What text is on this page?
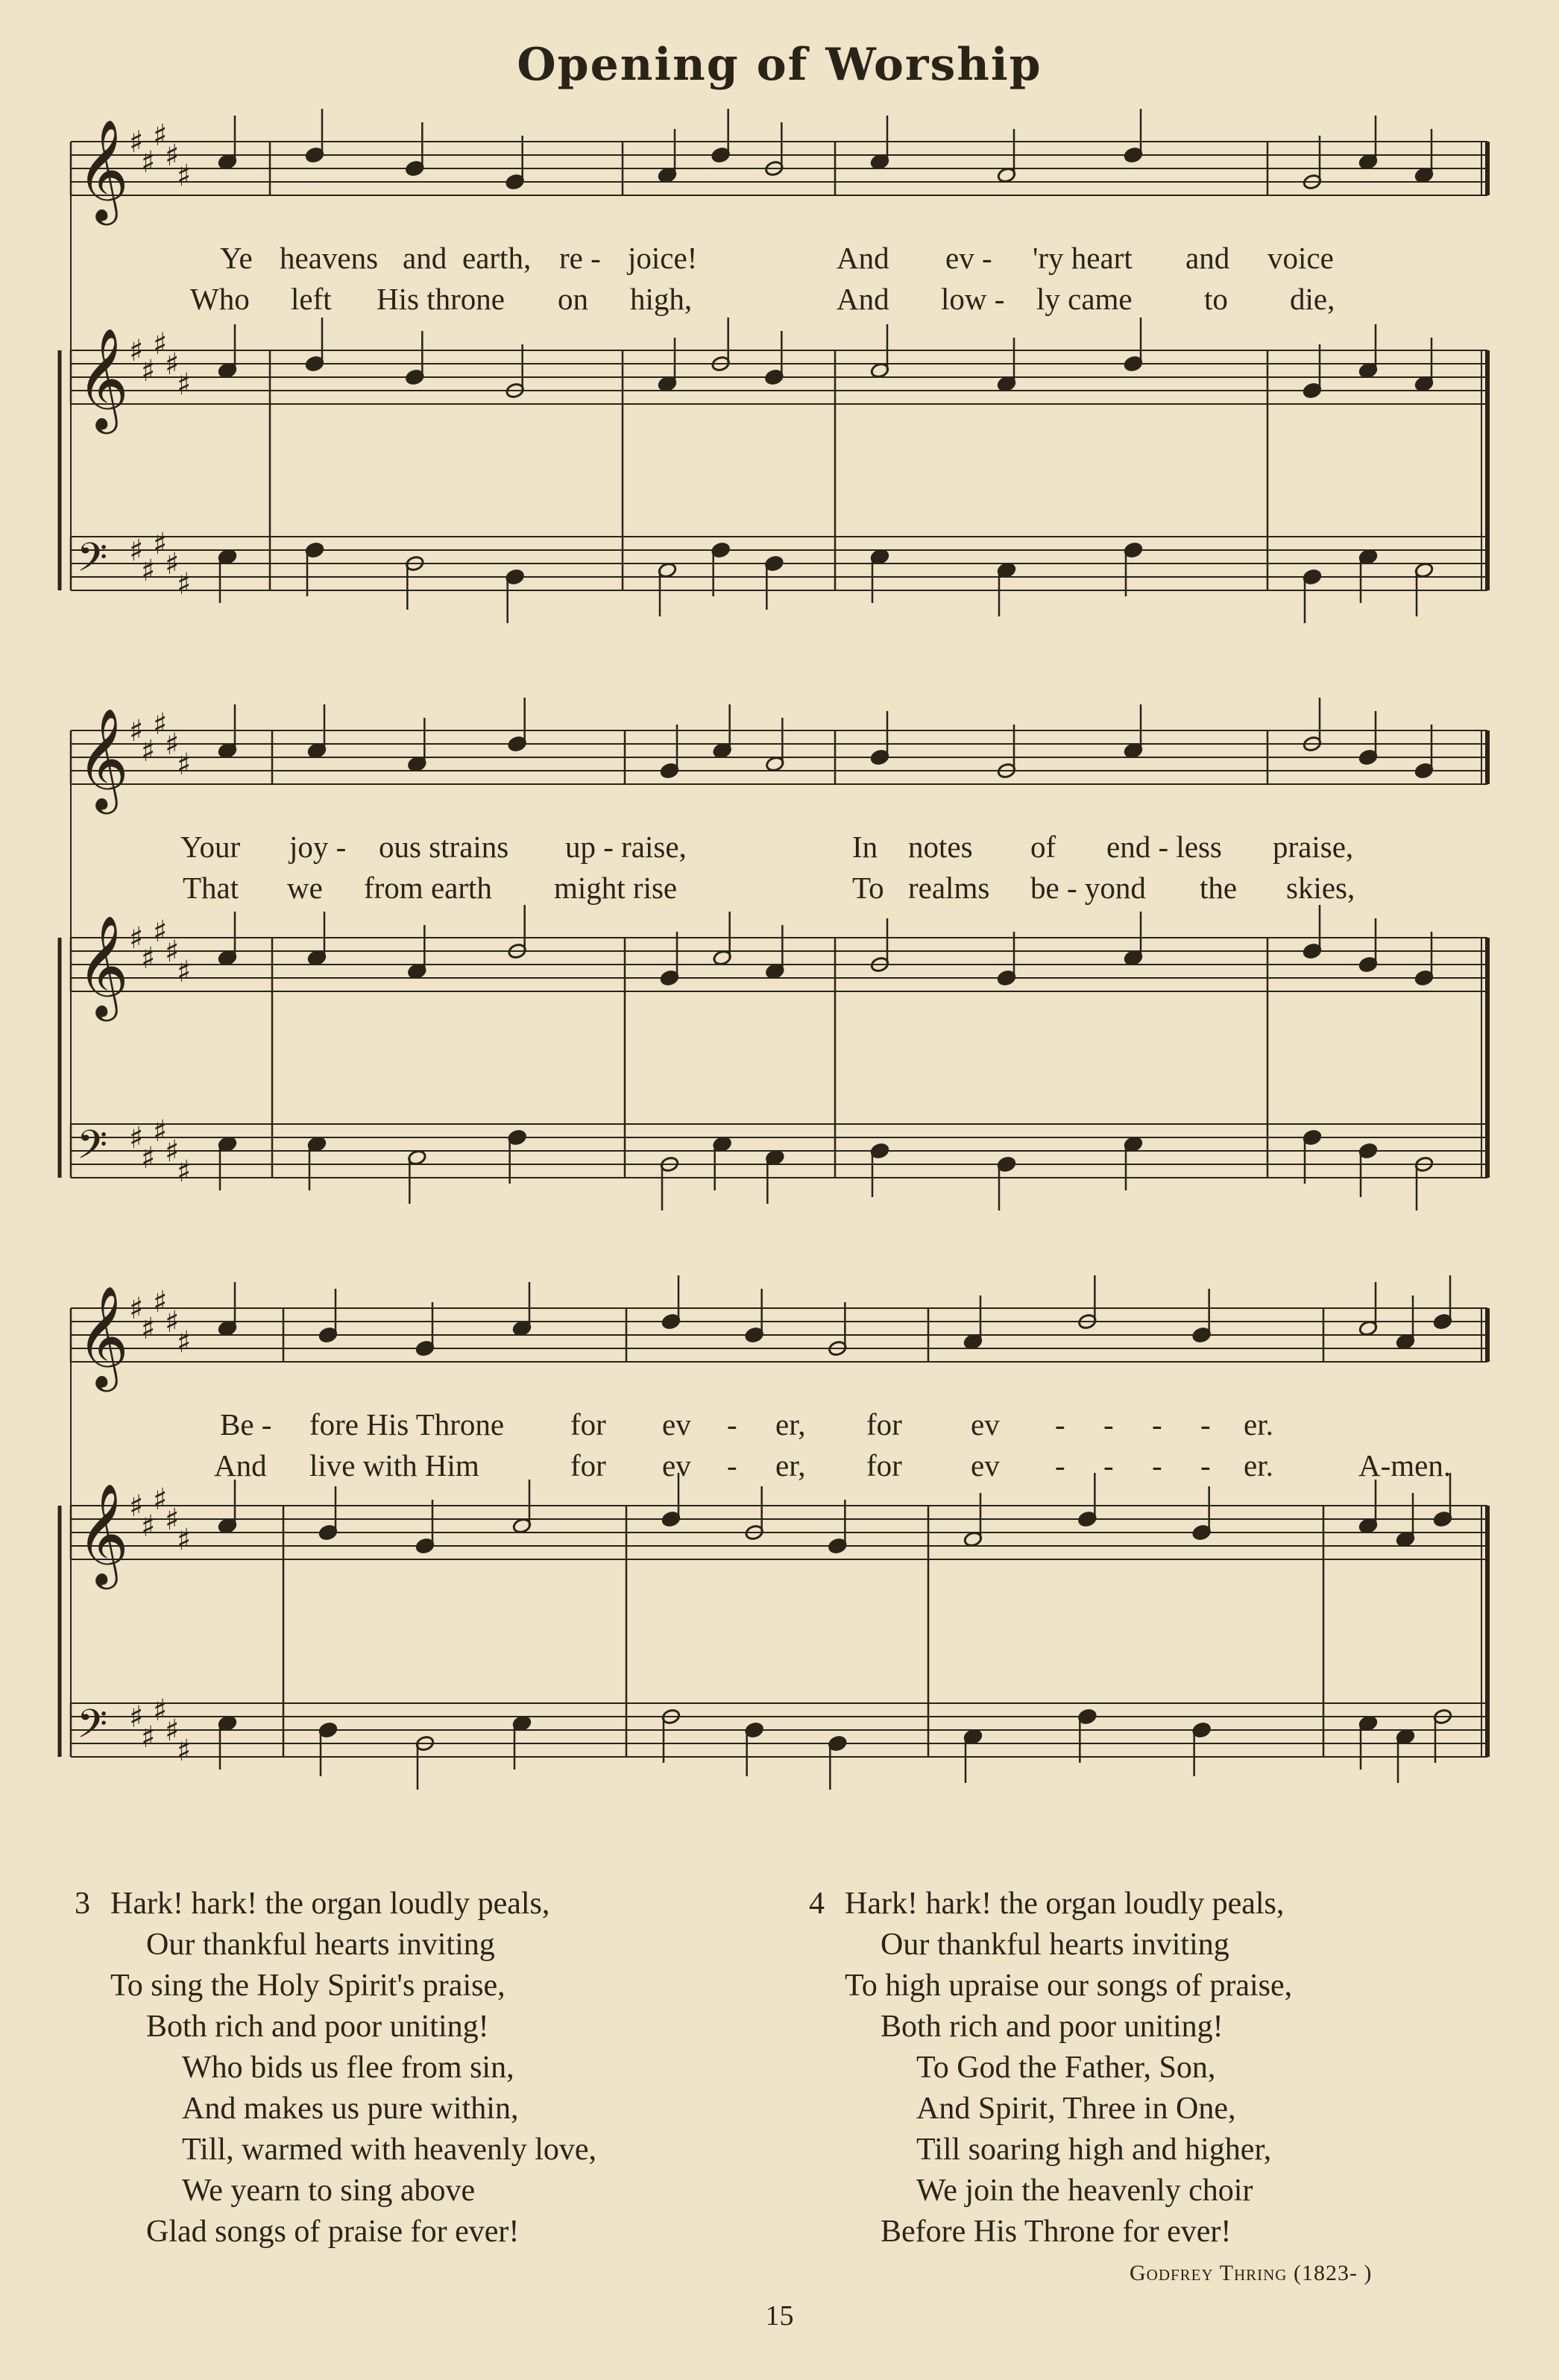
Opening of Worship
𝄞 ♯
♯
♯
♯
♯
𝄞 ♯
♯
♯
♯
♯
𝄢 ♯
♯
♯
♯
♯
𝄞 ♯
♯
♯
♯
♯
𝄞 ♯
♯
♯
♯
♯
𝄢 ♯
♯
♯
♯
♯
𝄞 ♯
♯
♯
♯
♯
𝄞 ♯
♯
♯
♯
♯
𝄢 ♯
♯
♯
♯
♯
Ye heavens and earth, re - joice!	And ev - 'ry heart and voice
Who left His throne on high,	And low - ly came to die,
Your joy - ous strains up - raise,	In notes of end - less praise,
That we from earth might rise	To realms be - yond the skies,
Be - fore His Throne for ev - er, for ev - - - - er.
And live with Him	for ev - er, for ev - - - - er.	A-men.
3 Hark! hark! the organ loudly peals,
Our thankful hearts inviting
To sing the Holy Spirit's praise,
Both rich and poor uniting!
Who bids us flee from sin,
And makes us pure within,
Till, warmed with heavenly love,
We yearn to sing above
Glad songs of praise for ever!
4 Hark! hark! the organ loudly peals,
Our thankful hearts inviting
To high upraise our songs of praise,
Both rich and poor uniting!
To God the Father, Son,
And Spirit, Three in One,
Till soaring high and higher,
We join the heavenly choir
Before His Throne for ever!
Godfrey Thring (1823- )
15
